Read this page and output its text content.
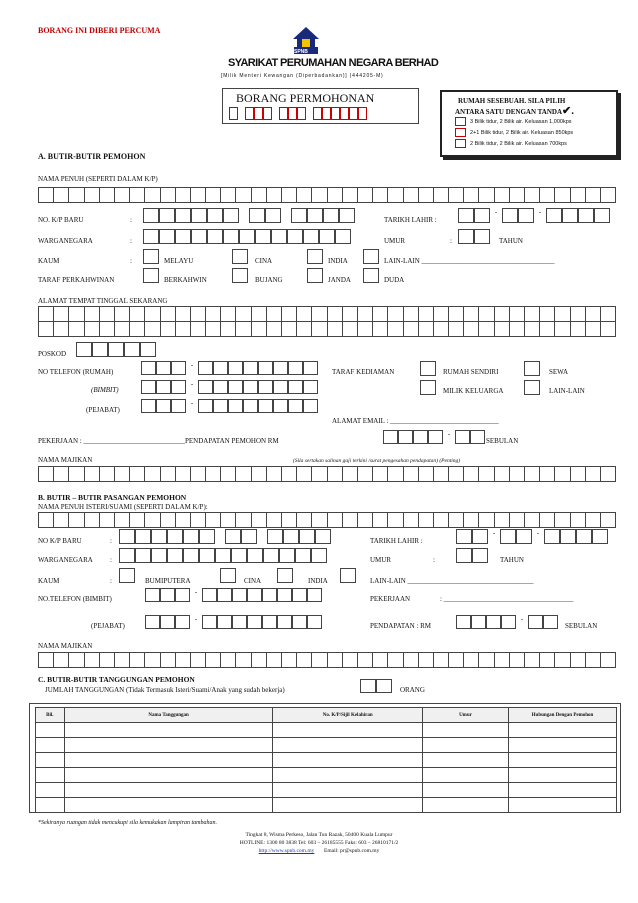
BORANG INI DIBERI PERCUMA
SPNB
SYARIKAT PERUMAHAN NEGARA BERHAD
[Milik Menteri Kewangan (Diperbadankan)] (444205-M)
BORANG PERMOHONAN	RUMAH SESEBUAH. SILA PILIH
ANTARA SATU DENGAN TANDA✔.
3 Bilik tidur, 2 Bilik air. Keluasan 1,000kps
2+1 Bilik tidur, 2 Bilik air. Keluasan 850kps
2 Bilik tidur, 2 Bilik air. Keluasan 700kps
A. BUTIR-BUTIR PEMOHON
NAMA PENUH (SEPERTI DALAM K/P)
NO. K/P BARU	:	TARIKH LAHIR :
-	-
WARGANEGARA	:	UMUR	:	TAHUN
KAUM	:	MELAYU	CINA	INDIA	LAIN-LAIN ______________________________________
TARAF PERKAHWINAN	BERKAHWIN	BUJANG	JANDA	DUDA
ALAMAT TEMPAT TINGGAL SEKARANG
POSKOD
NO TELEFON (RUMAH)
-
(BIMBIT)
-
(PEJABAT)
-
TARAF KEDIAMAN	RUMAH SENDIRI	SEWA
MILIK KELUARGA	LAIN-LAIN
ALAMAT EMAIL : _______________________________
PEKERJAAN : _____________________________PENDAPATAN PEMOHON RM
-
SEBULAN
NAMA MAJIKAN	(Sila sertakan salinan gaji terkini /surat pengesahan pendapatan) (Penting)
B. BUTIR – BUTIR PASANGAN PEMOHON
NAMA PENUH ISTERI/SUAMI (SEPERTI DALAM K/P):
NO K/P BARU	:	TARIKH LAHIR :
-	-
WARGANEGARA :	UMUR	:	TAHUN
KAUM	:	BUMIPUTERA	CINA	INDIA	LAIN-LAIN ____________________________________
NO.TELEFON (BIMBIT)
-
PEKERJAAN	: _____________________________________
(PEJABAT)
-
PENDAPATAN : RM
-
SEBULAN
NAMA MAJIKAN
C. BUTIR-BUTIR TANGGUNGAN PEMOHON
JUMLAH TANGGUNGAN (Tidak Termasuk Isteri/Suami/Anak yang sudah bekerja)	ORANG
Bil.	Nama Tanggungan	No. K/P/Sijil Kelahiran	Umur	Hubungan Dengan Pemohon

*Sekiranya ruangan tidak mencukupi sila kemukakan lampiran tambahan.
Tingkat 8, Wisma Perkeso, Jalan Tun Razak, 50400 Kuala Lumpur
HOTLINE: 1300 80 3838 Tel: 603 – 26185555 Faks: 603 – 26810171/2
http://www.spnb.com.my Email: pr@spnb.com.my
